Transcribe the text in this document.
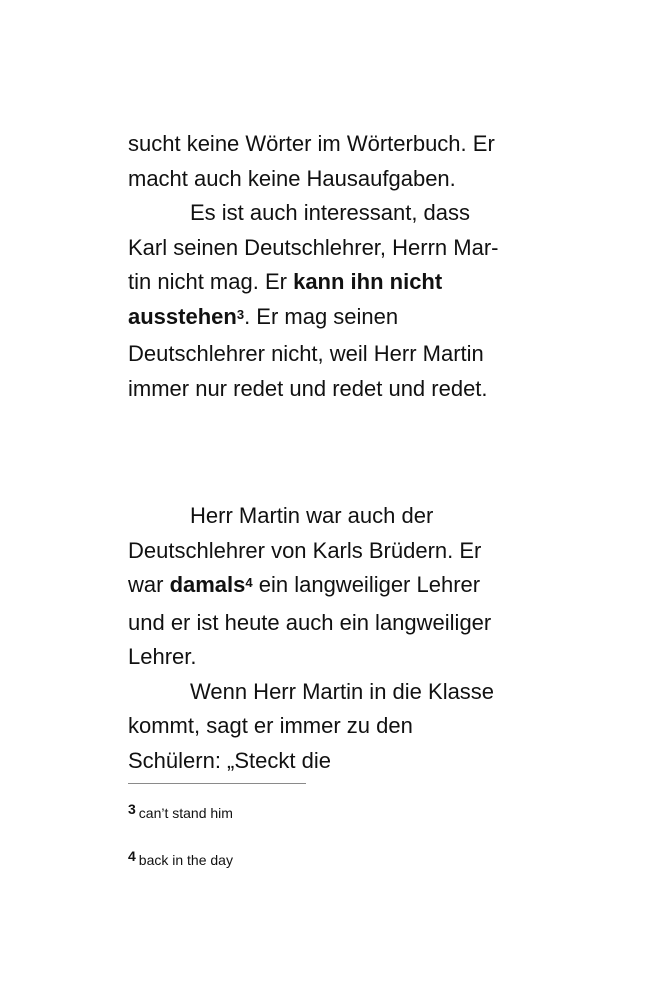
sucht keine Wörter im Wörterbuch. Er
macht auch keine Hausaufgaben.
Es ist auch interessant, dass
Karl seinen Deutschlehrer, Herrn Mar-
tin nicht mag. Er kann ihn nicht
ausstehen$^3$. Er mag seinen
Deutschlehrer nicht, weil Herr Martin
immer nur redet und redet und redet.
Herr Martin war auch der
Deutschlehrer von Karls Brüdern. Er
war damals$^4$ ein langweiliger Lehrer
und er ist heute auch ein langweiliger
Lehrer.
Wenn Herr Martin in die Klasse
kommt, sagt er immer zu den
Schülern: „Steckt die
3 can’t stand him
4 back in the day
